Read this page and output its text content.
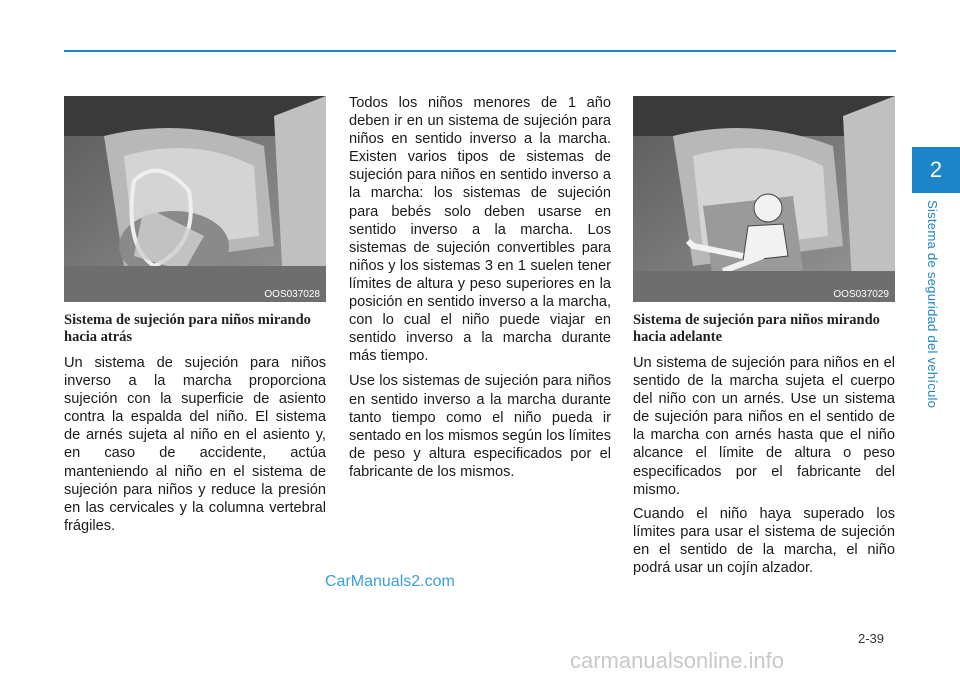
2
Sistema de seguridad del vehículo
OOS037028
Sistema de sujeción para niños mirando hacia atrás

Un sistema de sujeción para niños inverso a la marcha proporciona sujeción con la superficie de asiento contra la espalda del niño. El sistema de arnés sujeta al niño en el asiento y, en caso de accidente, actúa manteniendo al niño en el sistema de sujeción para niños y reduce la presión en las cervicales y la columna vertebral frágiles.

Todos los niños menores de 1 año deben ir en un sistema de sujeción para niños en sentido inverso a la marcha. Existen varios tipos de sistemas de sujeción para niños en sentido inverso a la marcha: los sistemas de sujeción para bebés solo deben usarse en sentido inverso a la marcha. Los sistemas de sujeción convertibles para niños y los sistemas 3 en 1 suelen tener límites de altura y peso superiores en la posición en sentido inverso a la marcha, con lo cual el niño puede viajar en sentido inverso a la marcha durante más tiempo.

Use los sistemas de sujeción para niños en sentido inverso a la marcha durante tanto tiempo como el niño pueda ir sentado en los mismos según los límites de peso y altura especificados por el fabricante de los mismos.

OOS037029
Sistema de sujeción para niños mirando hacia adelante

Un sistema de sujeción para niños en el sentido de la marcha sujeta el cuerpo del niño con un arnés. Use un sistema de sujeción para niños en el sentido de la marcha con arnés hasta que el niño alcance el límite de altura o peso especificados por el fabricante del mismo.

Cuando el niño haya superado los límites para usar el sistema de sujeción en el sentido de la marcha, el niño podrá usar un cojín alzador.

CarManuals2.com
2-39
carmanualsonline.info
